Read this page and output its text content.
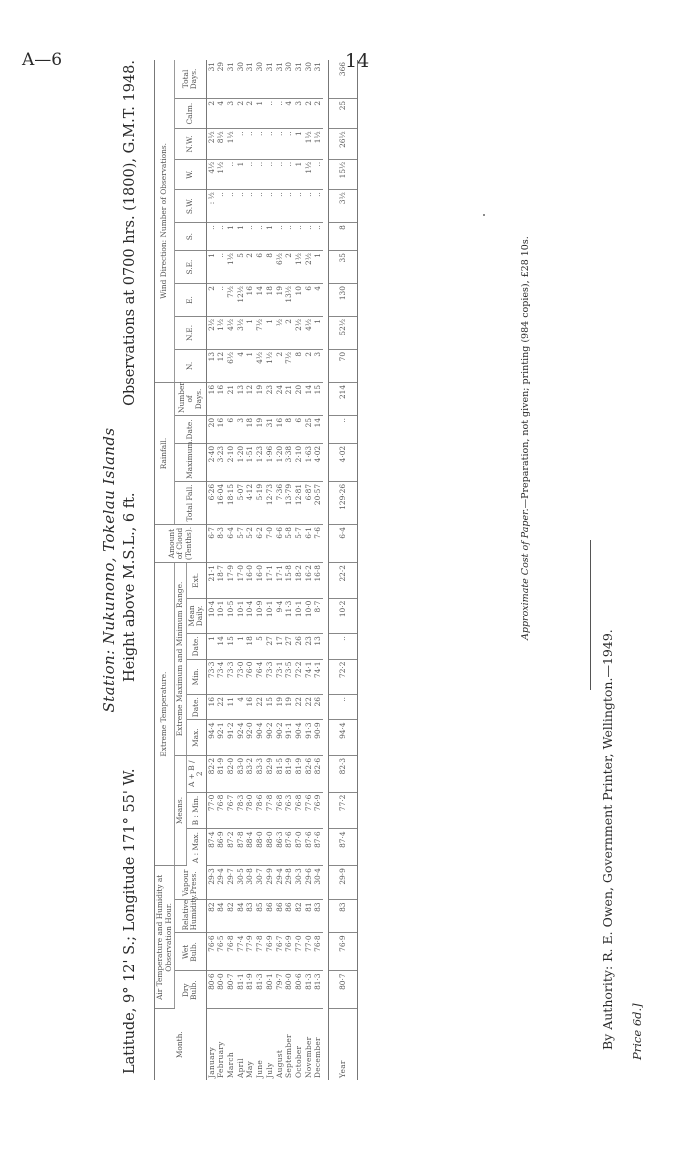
A—6	14
Station: Nukunono, Tokelau Islands
Latitude, 9° 12' S.; Longitude 171° 55' W.
Height above M.S.L., 6 ft.
Observations at 0700 hrs. (1800), G.M.T. 1948.
Month.	Air Temperature and Humidity at Observation Hour.				Extreme Temperature.									Amount of Cloud (Tenths).	Rainfall.				Wind Direction: Number of Observations.									
	Dry Bulb.	Wet Bulb.	Relative Humidity.	Vapour Press.	Means.			Extreme Maximum and Minimum Range.							Total Fall.	Maximum.	Date.	Number of Days.	N.	N.E.	E.	S.E.	S.	S.W.	W.	N.W.	Calm.	Total Days.
					A : Max.	B : Min.	A + B / 2	Max.	Date.	Min.	Date.	Mean Daily.	Ext.															
January	80·6	76·6	82	29·3	87·4	77·0	82·2	94·4	16	73·3	1	10·4	21·1	6·7	6·26	2·40	20	16	13	2½	2	1	..	: ½	4½	2½	2	31
February	80·0	76·5	84	29·4	86·9	76·8	81·9	92·1	22	73·4	14	10·1	18·7	8·3	16·04	3·23	16	16	12	1½	..	..	..	..	1½	8½	4	29
March	80·7	76·8	82	29·7	87·2	76·7	82·0	91·2	11	73·3	15	10·5	17·9	6·4	18·15	2·10	6	21	6½	4½	7½	1½	1	..	..	1½	3	31
April	81·1	77·4	84	30·5	87·8	78·3	83·0	92·4	4	73·0	1	10·1	17·0	5·7	5·07	1·20	3	13	4	3½	12½	5	1	..	1	..	2	30
May	81·9	77·9	83	30·8	88·4	78·0	83·2	92·0	16	76·0	18	10·4	16·0	5·2	4·12	1·51	18	12	1	1	16	2	..	..	..	..	2	31
June	81·3	77·8	85	30·7	88·0	78·6	83·3	90·4	22	76·4	5	10·9	16·0	6·2	5·19	1·23	19	19	4½	7½	14	6	..	..	..	..	1	30
July	80·1	76·9	86	29·9	88·0	77·8	82·9	90·2	15	73·3	27	10·1	17·1	7·0	12·73	1·96	31	23	1½	1	18	8	1	..	..	..	..	31
August	79·7	76·7	86	29·4	86·3	76·8	81·5	90·2	19	73·1	17	9·4	17·1	6·6	7·36	1·20	16	24	2	½	19	6½	..	..	..	..	..	31
September	80·0	76·9	86	29·8	87·6	76·3	81·9	91·1	19	73·5	27	11·3	15·8	5·8	13·79	3·38	8	21	7½	2	13½	2	..	..	..	..	4	30
October	80·6	77·0	82	30·3	87·0	76·8	81·9	90·4	22	72·2	26	10·1	18·2	5·7	12·81	2·10	6	20	8	2½	10	1½	..	..	1	1	3	31
November	81·3	77·0	81	29·6	87·6	77·6	82·6	91·3	22	74·1	23	10·0	16·2	6·1	6·87	1·63	25	14	2	4½	6	2½	..	..	1½	1½	2	30
December	81·3	76·8	83	30·4	87·6	76·9	82·6	90·9	26	74·1	13	8·7	16·8	7·6	20·57	4·02	14	15	3	1	4	1	..	..	..	1½	2	31

Year	80·7	76·9	83	29·9	87·4	77·2	82·3	94·4	..	72·2	..	10·2	22·2	6·4	129·26	4·02	..	214	70	52½	130	35	8	3½	15½	26½	25	366
Approximate Cost of Paper.—Preparation, not given; printing (984 copies), £28 10s.
By Authority: R. E. Owen, Government Printer, Wellington.—1949. Price 6d.]
